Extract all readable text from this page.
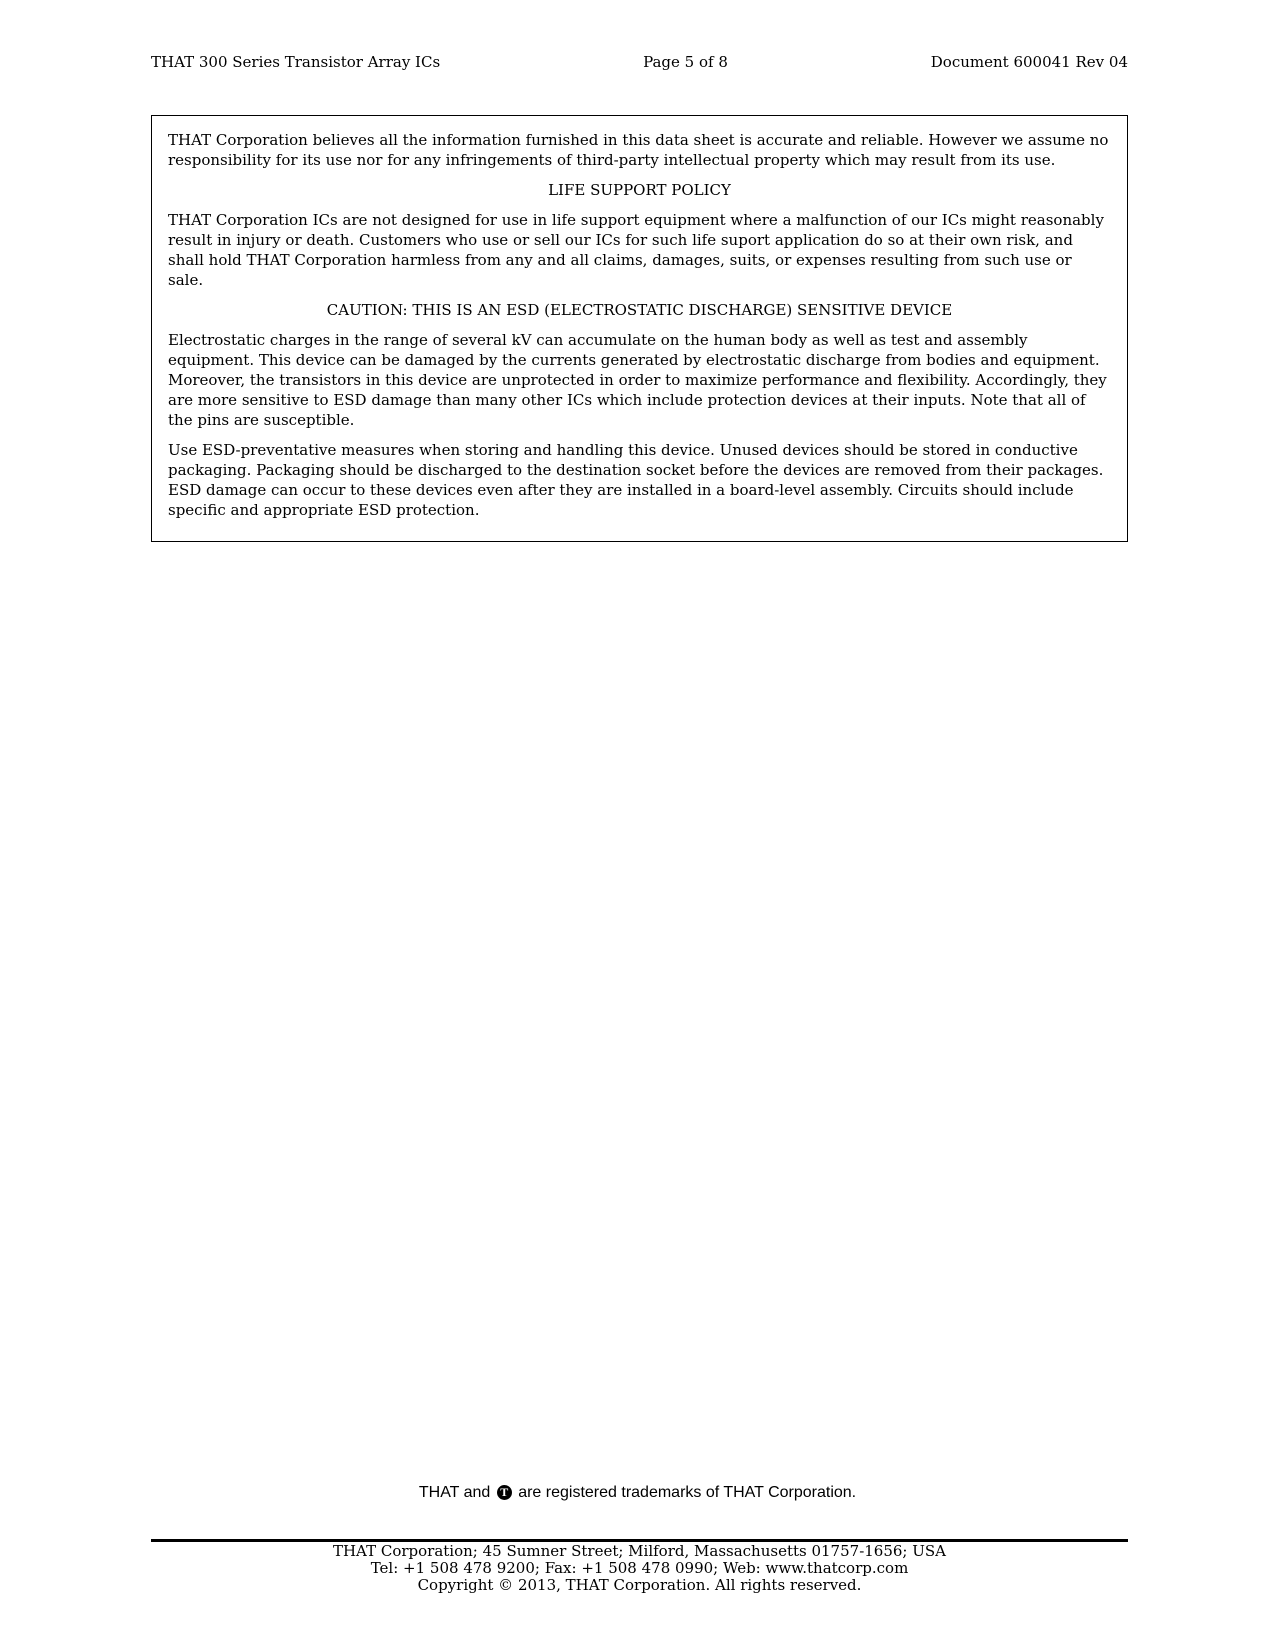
THAT 300 Series Transistor Array ICs	Page 5 of 8	Document 600041 Rev 04

THAT Corporation believes all the information furnished in this data sheet is accurate and reliable. However we assume no responsibility for its use nor for any infringements of third-party intellectual property which may result from its use.

LIFE SUPPORT POLICY

THAT Corporation ICs are not designed for use in life support equipment where a malfunction of our ICs might reasonably result in injury or death. Customers who use or sell our ICs for such life suport application do so at their own risk, and shall hold THAT Corporation harmless from any and all claims, damages, suits, or expenses resulting from such use or sale.

CAUTION: THIS IS AN ESD (ELECTROSTATIC DISCHARGE) SENSITIVE DEVICE

Electrostatic charges in the range of several kV can accumulate on the human body as well as test and assembly equipment. This device can be damaged by the currents generated by electrostatic discharge from bodies and equipment. Moreover, the transistors in this device are unprotected in order to maximize performance and flexibility. Accordingly, they are more sensitive to ESD damage than many other ICs which include protection devices at their inputs. Note that all of the pins are susceptible.

Use ESD-preventative measures when storing and handling this device. Unused devices should be stored in conductive packaging. Packaging should be discharged to the destination socket before the devices are removed from their packages. ESD damage can occur to these devices even after they are installed in a board-level assembly. Circuits should include specific and appropriate ESD protection.

THAT and T are registered trademarks of THAT Corporation.
THAT Corporation; 45 Sumner Street; Milford, Massachusetts 01757-1656; USA
Tel: +1 508 478 9200; Fax: +1 508 478 0990; Web: www.thatcorp.com
Copyright © 2013, THAT Corporation. All rights reserved.
